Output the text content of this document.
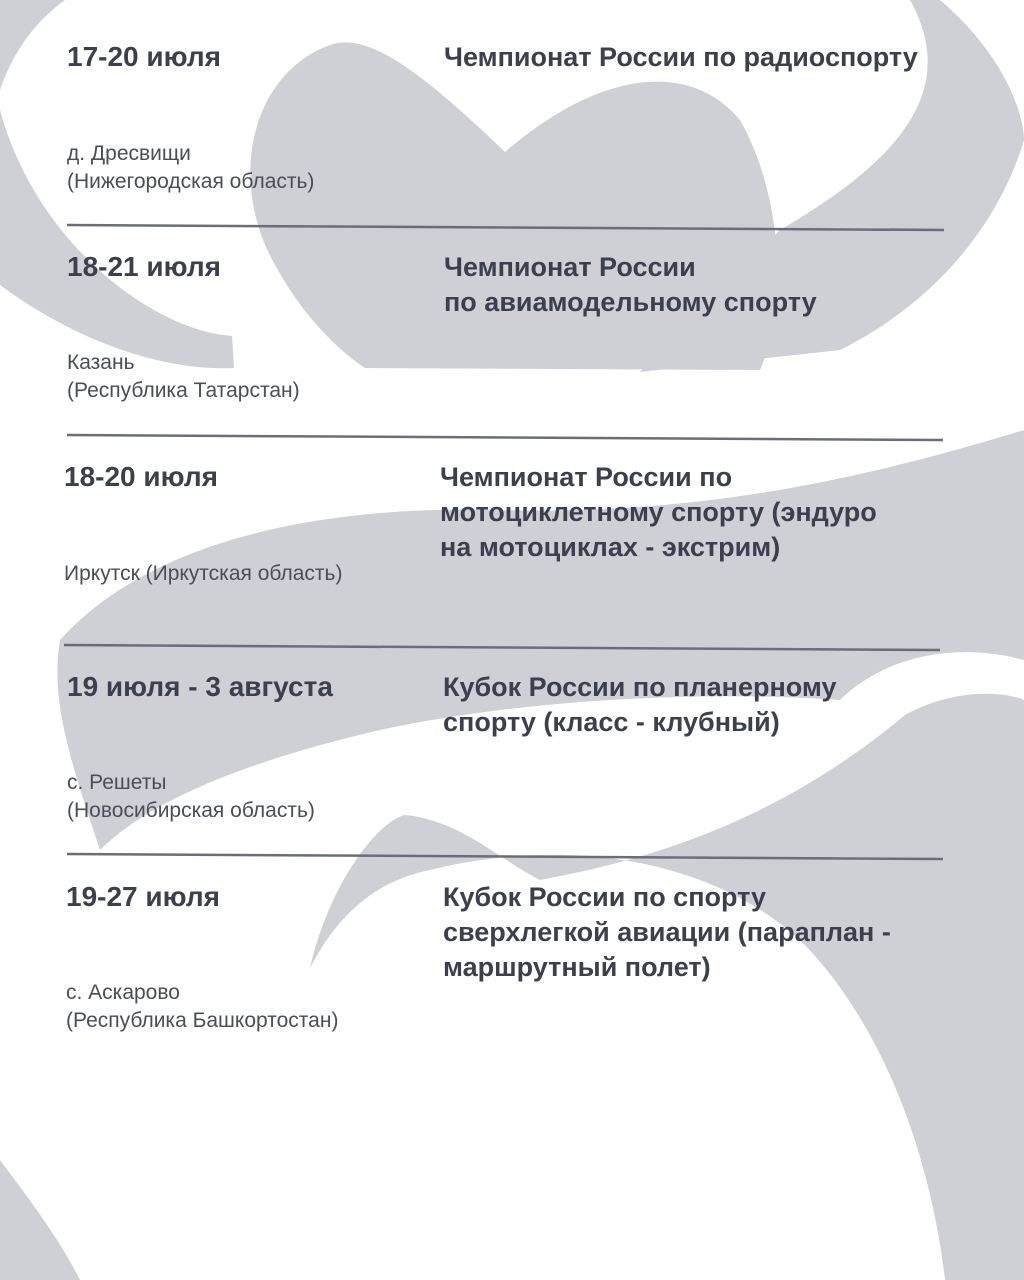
17-20 июля

д. Дресвищи

(Нижегородская область)

Чемпионат России по радиоспорту

18-21 июля

Казань

(Республика Татарстан)

Чемпионат России
по авиамодельному спорту

18-20 июля

Иркутск (Иркутская область)

Чемпионат России по
мотоциклетному спорту (эндуро
на мотоциклах - экстрим)

19 июля - 3 августа

с. Решеты

(Новосибирская область)

Кубок России по планерному
спорту (класс - клубный)

19-27 июля

с. Аскарово

(Республика Башкортостан)

Кубок России по спорту
сверхлегкой авиации (параплан -
маршрутный полет)
